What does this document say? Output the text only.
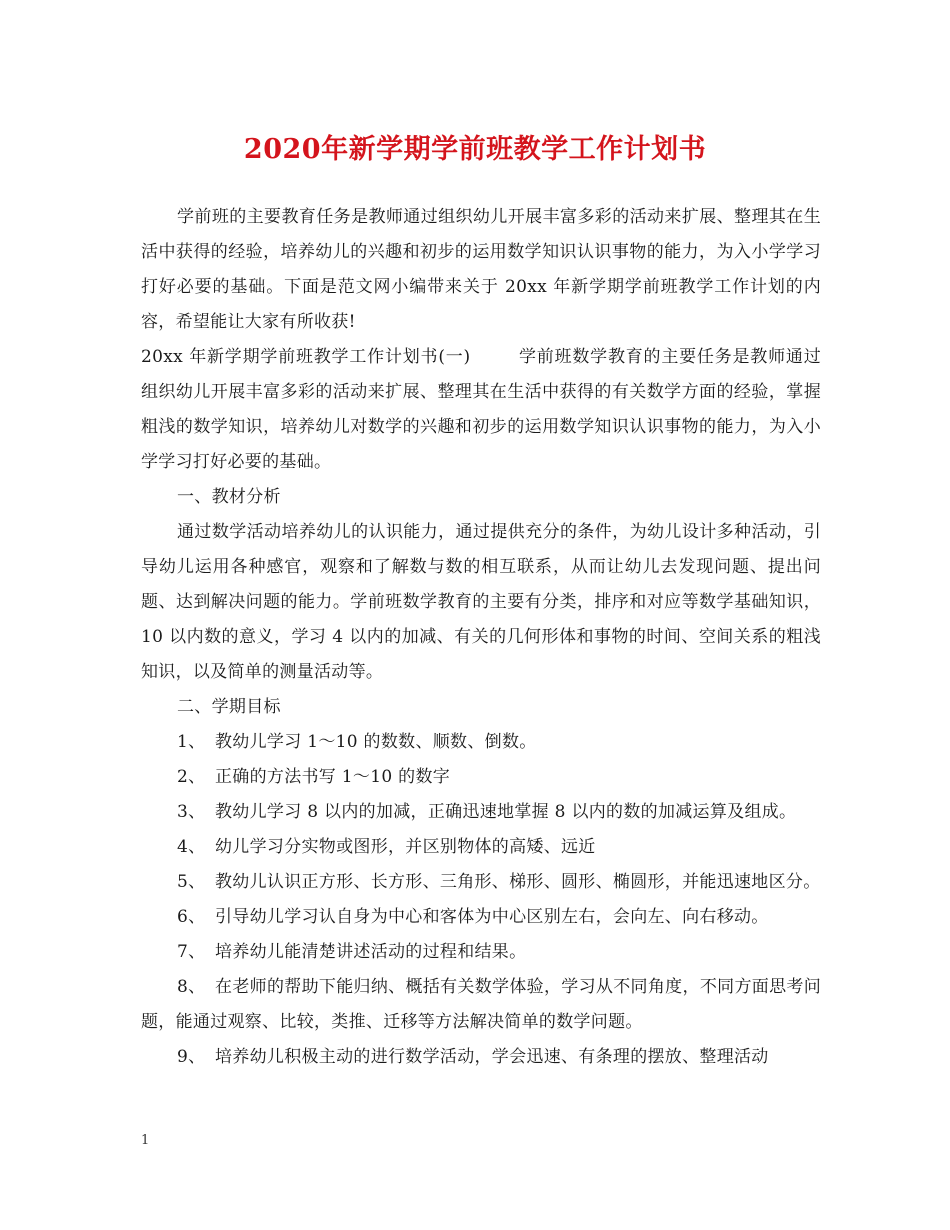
2020年新学期学前班教学工作计划书

学前班的主要教育任务是教师通过组织幼儿开展丰富多彩的活动来扩展、整理其在生活中获得的经验，培养幼儿的兴趣和初步的运用数学知识认识事物的能力，为入小学学习打好必要的基础。下面是范文网小编带来关于 20xx 年新学期学前班教学工作计划的内容，希望能让大家有所收获!

20xx 年新学期学前班教学工作计划书(一)	学前班数学教育的主要任务是教师通过组织幼儿开展丰富多彩的活动来扩展、整理其在生活中获得的有关数学方面的经验，掌握粗浅的数学知识，培养幼儿对数学的兴趣和初步的运用数学知识认识事物的能力，为入小学学习打好必要的基础。

一、教材分析

通过数学活动培养幼儿的认识能力，通过提供充分的条件，为幼儿设计多种活动，引导幼儿运用各种感官，观察和了解数与数的相互联系，从而让幼儿去发现问题、提出问题、达到解决问题的能力。学前班数学教育的主要有分类，排序和对应等数学基础知识，10 以内数的意义，学习 4 以内的加减、有关的几何形体和事物的时间、空间关系的粗浅知识，以及简单的测量活动等。

二、学期目标

1、 教幼儿学习 1～10 的数数、顺数、倒数。

2、 正确的方法书写 1～10 的数字

3、 教幼儿学习 8 以内的加减，正确迅速地掌握 8 以内的数的加减运算及组成。

4、 幼儿学习分实物或图形，并区别物体的高矮、远近

5、 教幼儿认识正方形、长方形、三角形、梯形、圆形、椭圆形，并能迅速地区分。

6、 引导幼儿学习认自身为中心和客体为中心区别左右，会向左、向右移动。

7、 培养幼儿能清楚讲述活动的过程和结果。

8、 在老师的帮助下能归纳、概括有关数学体验，学习从不同角度，不同方面思考问题，能通过观察、比较，类推、迁移等方法解决简单的数学问题。

9、 培养幼儿积极主动的进行数学活动，学会迅速、有条理的摆放、整理活动

1
